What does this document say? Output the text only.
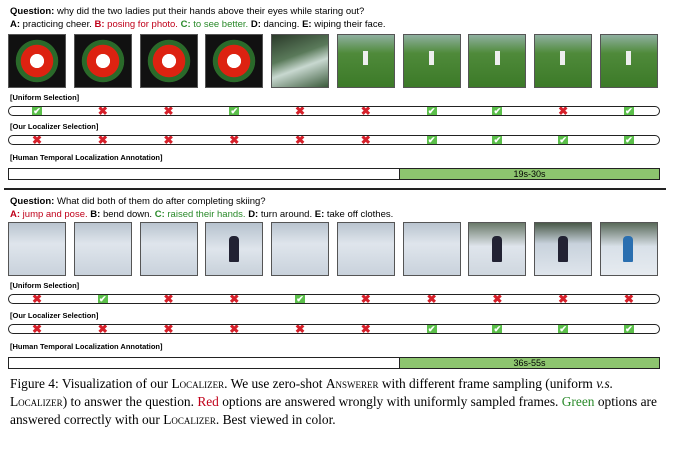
Question: why did the two ladies put their hands above their eyes while staring out?
A: practicing cheer. B: posing for photo. C: to see better. D: dancing. E: wiping their face.
[Uniform Selection]
✔	✖	✖	✔	✖	✖	✔	✔	✖	✔
[Our Localizer Selection]
✖	✖	✖	✖	✖	✖	✔	✔	✔	✔
[Human Temporal Localization Annotation]
19s-30s
Question: What did both of them do after completing skiing?
A: jump and pose. B: bend down. C: raised their hands. D: turn around. E: take off clothes.
[Uniform Selection]
✖	✔	✖	✖	✔	✖	✖	✖	✖	✖
[Our Localizer Selection]
✖	✖	✖	✖	✖	✖	✔	✔	✔	✔
[Human Temporal Localization Annotation]
36s-55s
Figure 4: Visualization of our Localizer. We use zero-shot Answerer with different frame sampling (uniform v.s. Localizer) to answer the question. Red options are answered wrongly with uniformly sampled frames. Green options are answered correctly with our Localizer. Best viewed in color.
